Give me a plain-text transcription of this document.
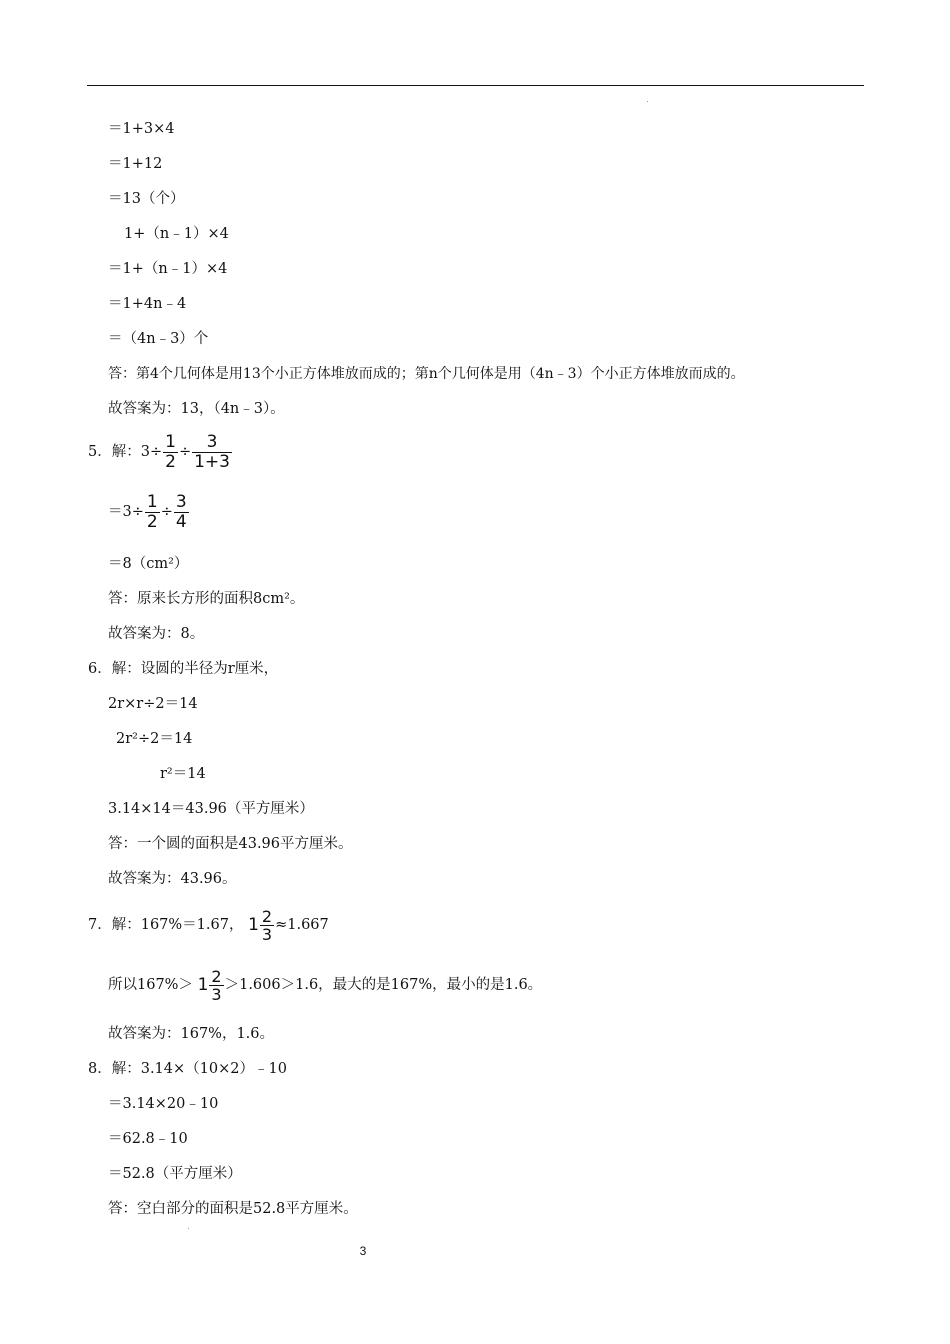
＝1+3×4
＝1+12
＝13（个）
1+（n﹣1）×4
＝1+（n﹣1）×4
＝1+4n﹣4
＝（4n﹣3）个
答：第4个几何体是用13个小正方体堆放而成的；第n个几何体是用（4n﹣3）个小正方体堆放而成的。
故答案为：13，（4n﹣3）。
5．解：$3\div \frac{1}{2} \div \frac{3}{1+3}$
$=3\div \frac{1}{2} \div \frac{3}{4}$
＝8（cm²）
答：原来长方形的面积8cm²。
故答案为：8。
6．解：设圆的半径为r厘米，
2r×r÷2＝14
2r²÷2＝14
r²＝14
3.14×14＝43.96（平方厘米）
答：一个圆的面积是43.96平方厘米。
故答案为：43.96。
7．解：167%＝1.67， $1 \frac{2}{3} \approx 1.667$
所以$167\%> 1 \frac{2}{3} >1.606>1.6$，最大的是167%，最小的是1.6。
故答案为：167%，1.6。
8．解：3.14×（10×2）﹣10
＝3.14×20﹣10
＝62.8﹣10
＝52.8（平方厘米）
答：空白部分的面积是52.8平方厘米。
3
